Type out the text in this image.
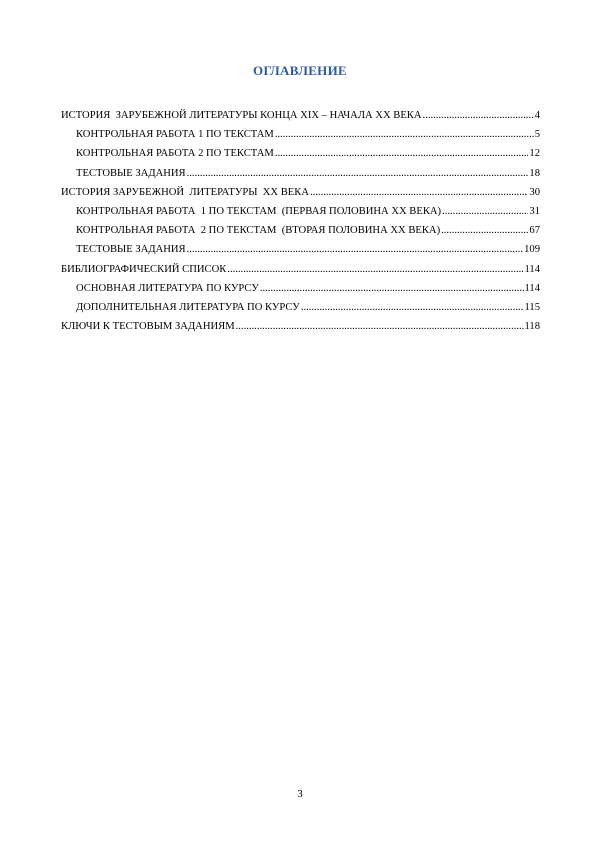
ОГЛАВЛЕНИЕ
ИСТОРИЯ  ЗАРУБЕЖНОЙ ЛИТЕРАТУРЫ КОНЦА XIX – НАЧАЛА XX ВЕКА .....	4
КОНТРОЛЬНАЯ РАБОТА 1 ПО ТЕКСТАМ .....	5
КОНТРОЛЬНАЯ РАБОТА 2 ПО ТЕКСТАМ .....	12
ТЕСТОВЫЕ ЗАДАНИЯ .....	18
ИСТОРИЯ ЗАРУБЕЖНОЙ  ЛИТЕРАТУРЫ  XX ВЕКА .....	30
КОНТРОЛЬНАЯ РАБОТА  1 ПО ТЕКСТАМ  (ПЕРВАЯ ПОЛОВИНА XX ВЕКА) .....	31
КОНТРОЛЬНАЯ РАБОТА  2 ПО ТЕКСТАМ  (ВТОРАЯ ПОЛОВИНА XX ВЕКА) .....	67
ТЕСТОВЫЕ ЗАДАНИЯ .....	109
БИБЛИОГРАФИЧЕСКИЙ СПИСОК .....	114
ОСНОВНАЯ ЛИТЕРАТУРА ПО КУРСУ .....	114
ДОПОЛНИТЕЛЬНАЯ ЛИТЕРАТУРА ПО КУРСУ .....	115
КЛЮЧИ К ТЕСТОВЫМ ЗАДАНИЯМ .....	118
3
